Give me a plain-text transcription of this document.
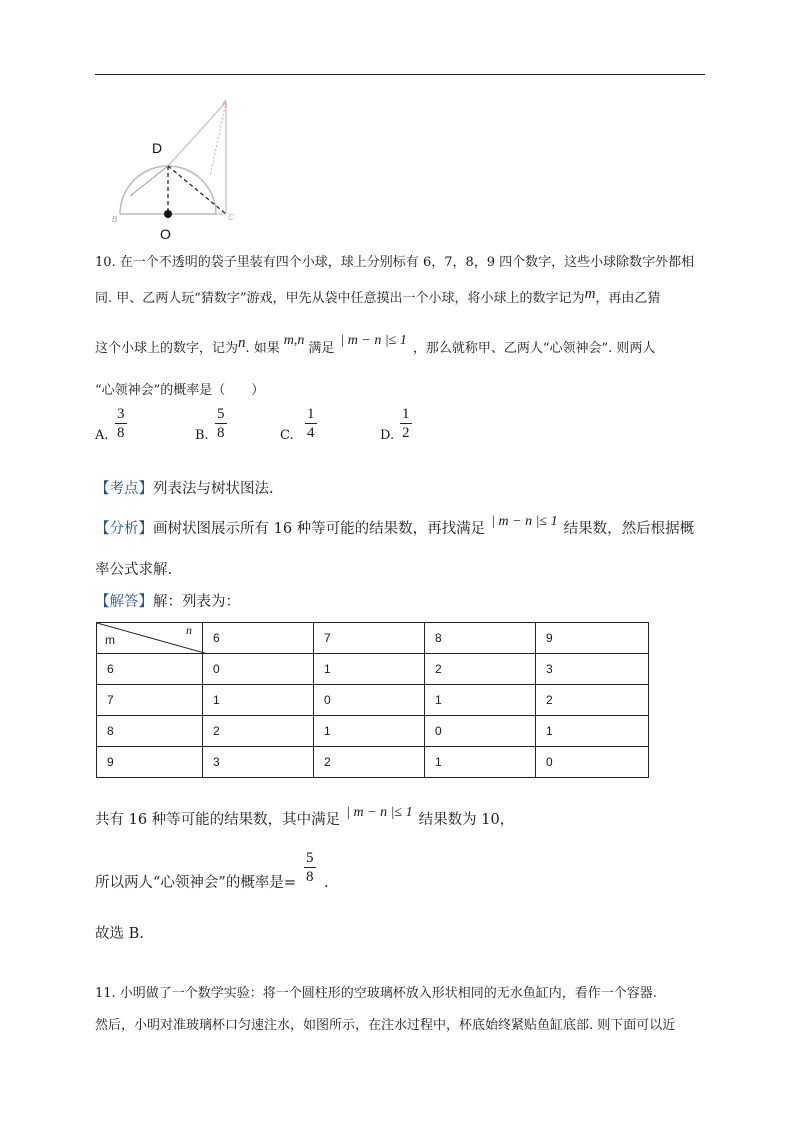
D
O
A
B	C
10. 在一个不透明的袋子里装有四个小球，球上分别标有 6，7，8，9 四个数字，这些小球除数字外都相
同. 甲、乙两人玩“猜数字”游戏，甲先从袋中任意摸出一个小球，将小球上的数字记为m，再由乙猜
这个小球上的数字，记为n. 如果m,n满足| m − n |≤ 1，那么就称甲、乙两人“心领神会”. 则两人
“心领神会”的概率是（　　）
A.
3
8	B.
5
8	C.
1
4	D.
1
2
【考点】列表法与树状图法.
【分析】画树状图展示所有 16 种等可能的结果数，再找满足 | m − n |≤ 1 结果数，然后根据概
率公式求解.
【解答】解：列表为：
m
n	6	7	8	9
6	0	1	2	3
7	1	0	1	2
8	2	1	0	1
9	3	2	1	0
共有 16 种等可能的结果数，其中满足 | m − n |≤ 1 结果数为 10，
所以两人“心领神会”的概率是=
5
8 .
故选 B.
11. 小明做了一个数学实验：将一个圆柱形的空玻璃杯放入形状相同的无水鱼缸内，看作一个容器.
然后，小明对准玻璃杯口匀速注水，如图所示，在注水过程中，杯底始终紧贴鱼缸底部. 则下面可以近
